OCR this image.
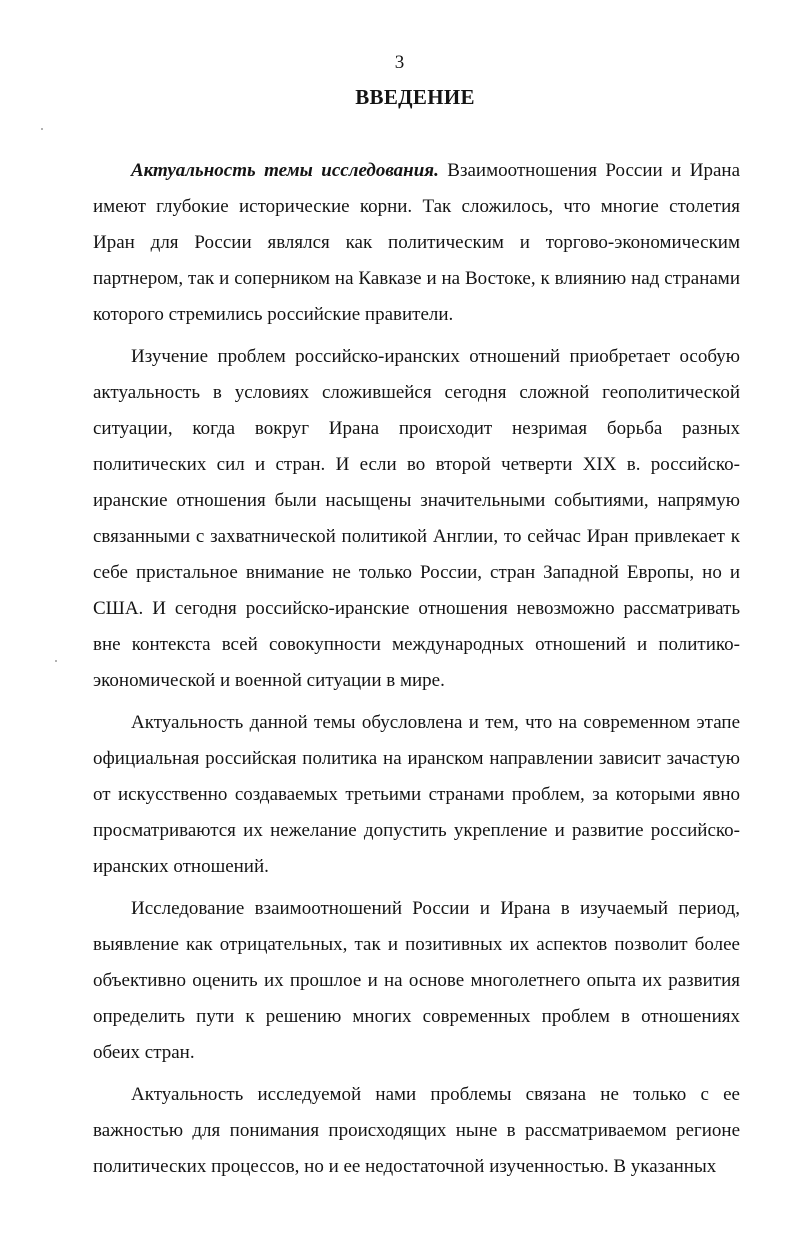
3
ВВЕДЕНИЕ

Актуальность темы исследования. Взаимоотношения России и Ирана имеют глубокие исторические корни. Так сложилось, что многие столетия Иран для России являлся как политическим и торгово-экономическим партнером, так и соперником на Кавказе и на Востоке, к влиянию над странами которого стремились российские правители.

Изучение проблем российско-иранских отношений приобретает особую актуальность в условиях сложившейся сегодня сложной геополитической ситуации, когда вокруг Ирана происходит незримая борьба разных политических сил и стран. И если во второй четверти XIX в. российско-иранские отношения были насыщены значительными событиями, напрямую связанными с захватнической политикой Англии, то сейчас Иран привлекает к себе пристальное внимание не только России, стран Западной Европы, но и США. И сегодня российско-иранские отношения невозможно рассматривать вне контекста всей совокупности международных отношений и политико-экономической и военной ситуации в мире.

Актуальность данной темы обусловлена и тем, что на современном этапе официальная российская политика на иранском направлении зависит зачастую от искусственно создаваемых третьими странами проблем, за которыми явно просматриваются их нежелание допустить укрепление и развитие российско-иранских отношений.

Исследование взаимоотношений России и Ирана в изучаемый период, выявление как отрицательных, так и позитивных их аспектов позволит более объективно оценить их прошлое и на основе многолетнего опыта их развития определить пути к решению многих современных проблем в отношениях обеих стран.

Актуальность исследуемой нами проблемы связана не только с ее важностью для понимания происходящих ныне в рассматриваемом регионе политических процессов, но и ее недостаточной изученностью. В указанных
